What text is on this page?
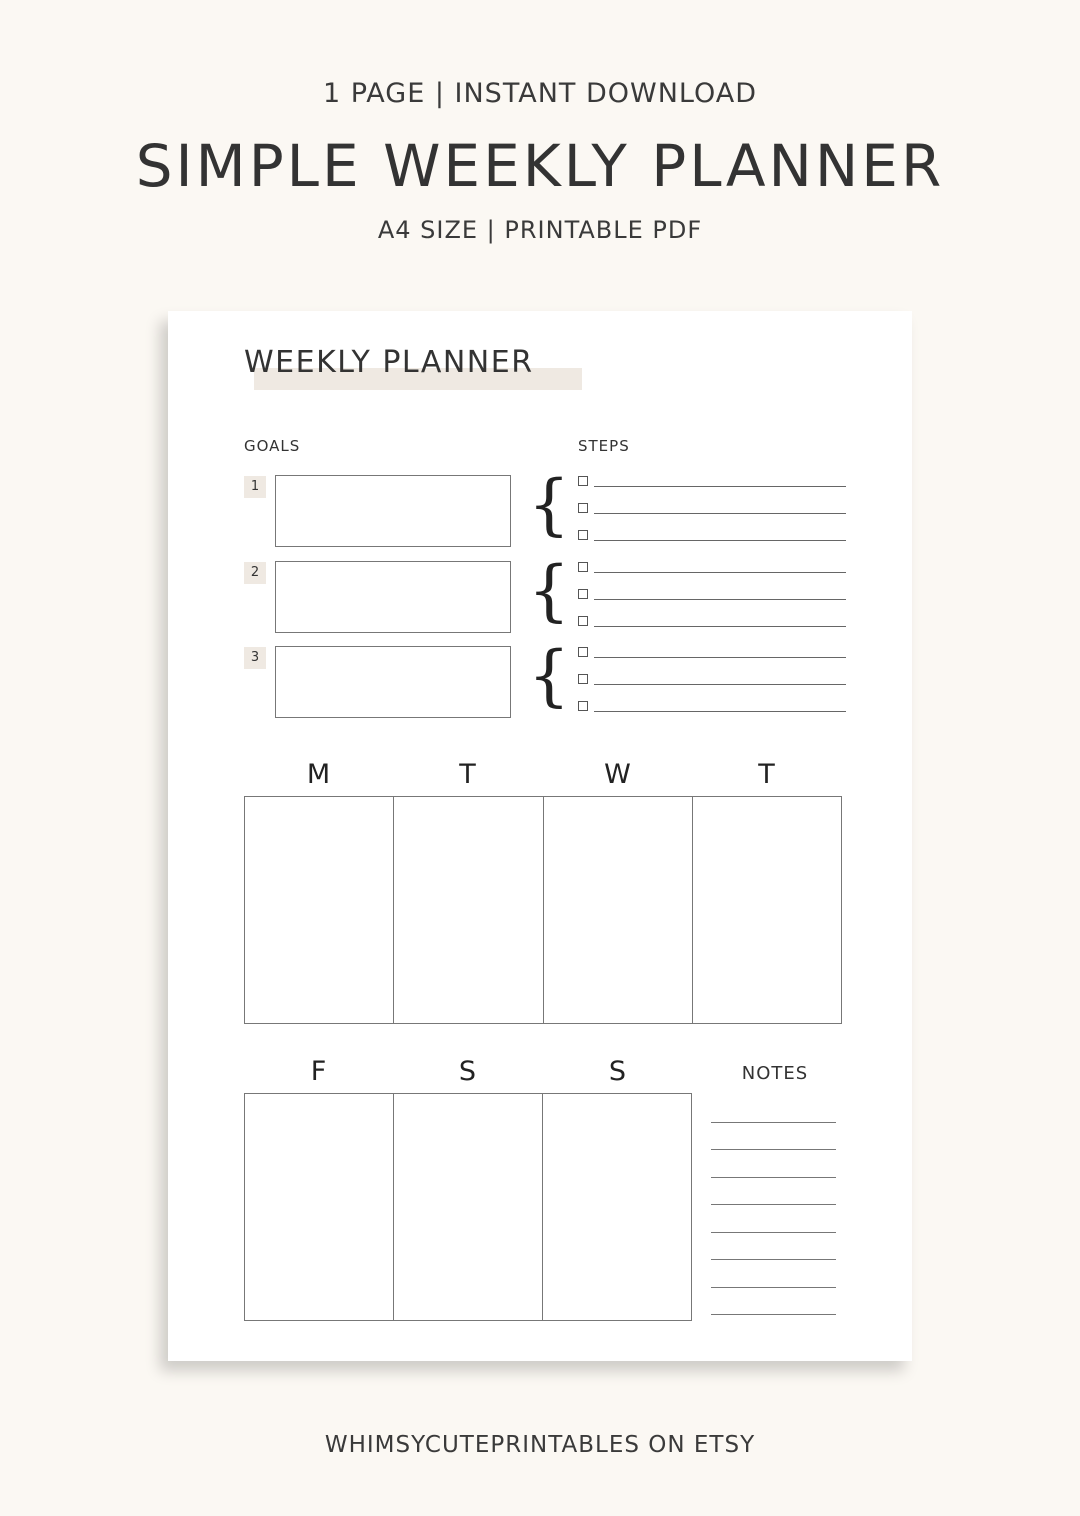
1 PAGE | INSTANT DOWNLOAD
SIMPLE WEEKLY PLANNER
A4 SIZE | PRINTABLE PDF
WEEKLY PLANNER
GOALS	STEPS
1	{
2	{
3	{
M	T	W	T
F	S	S	NOTES
WHIMSYCUTEPRINTABLES ON ETSY
